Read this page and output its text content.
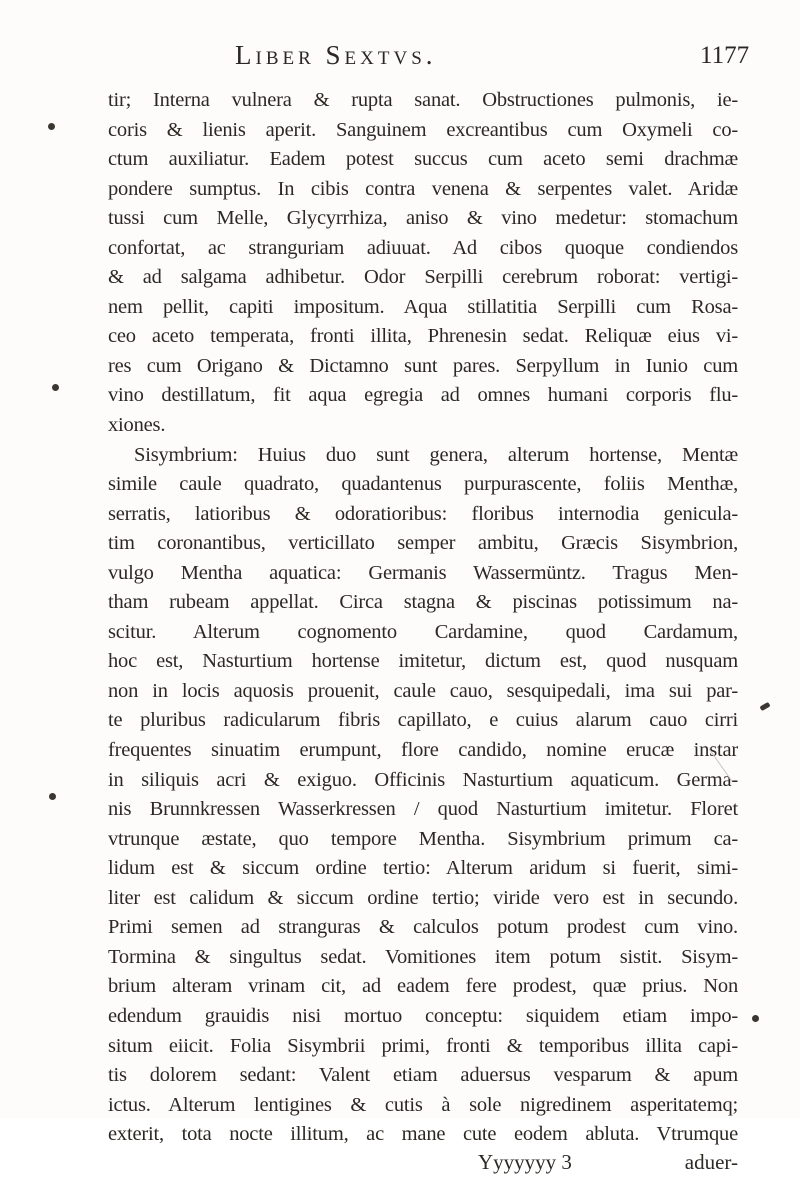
Liber Sextvs.	1177
tir; Interna vulnera & rupta sanat. Obstructiones pulmonis, ie-
coris & lienis aperit. Sanguinem excreantibus cum Oxymeli co-
ctum auxiliatur. Eadem potest succus cum aceto semi drachmæ
pondere sumptus. In cibis contra venena & serpentes valet. Aridæ
tussi cum Melle, Glycyrrhiza, aniso & vino medetur: stomachum
confortat, ac stranguriam adiuuat. Ad cibos quoque condiendos
& ad salgama adhibetur. Odor Serpilli cerebrum roborat: vertigi-
nem pellit, capiti impositum. Aqua stillatitia Serpilli cum Rosa-
ceo aceto temperata, fronti illita, Phrenesin sedat. Reliquæ eius vi-
res cum Origano & Dictamno sunt pares. Serpyllum in Iunio cum
vino destillatum, fit aqua egregia ad omnes humani corporis flu-
xiones.
Sisymbrium: Huius duo sunt genera, alterum hortense, Mentæ
simile caule quadrato, quadantenus purpurascente, foliis Menthæ,
serratis, latioribus & odoratioribus: floribus internodia genicula-
tim coronantibus, verticillato semper ambitu, Græcis Sisymbrion,
vulgo Mentha aquatica: Germanis Wassermüntz. Tragus Men-
tham rubeam appellat. Circa stagna & piscinas potissimum na-
scitur. Alterum cognomento Cardamine, quod Cardamum,
hoc est, Nasturtium hortense imitetur, dictum est, quod nusquam
non in locis aquosis prouenit, caule cauo, sesquipedali, ima sui par-
te pluribus radicularum fibris capillato, e cuius alarum cauo cirri
frequentes sinuatim erumpunt, flore candido, nomine erucæ instar
in siliquis acri & exiguo. Officinis Nasturtium aquaticum. Germa-
nis Brunnkressen Wasserkressen / quod Nasturtium imitetur. Floret
vtrunque æstate, quo tempore Mentha. Sisymbrium primum ca-
lidum est & siccum ordine tertio: Alterum aridum si fuerit, simi-
liter est calidum & siccum ordine tertio; viride vero est in secundo.
Primi semen ad stranguras & calculos potum prodest cum vino.
Tormina & singultus sedat. Vomitiones item potum sistit. Sisym-
brium alteram vrinam cit, ad eadem fere prodest, quæ prius. Non
edendum grauidis nisi mortuo conceptu: siquidem etiam impo-
situm eiicit. Folia Sisymbrii primi, fronti & temporibus illita capi-
tis dolorem sedant: Valent etiam aduersus vesparum & apum
ictus. Alterum lentigines & cutis à sole nigredinem asperitatemq;
exterit, tota nocte illitum, ac mane cute eodem abluta. Vtrumque
Yyyyyyy 3	aduer-
